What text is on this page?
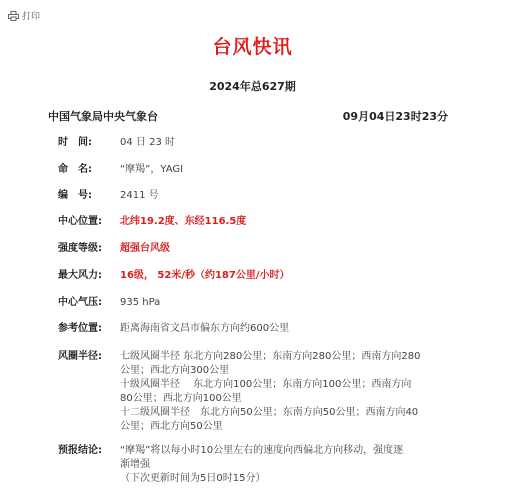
打印
台风快讯
2024年总627期
中国气象局中央气象台	09月04日23时23分
时　间:	04 日 23 时
命　名:	“摩羯”，YAGI
编　号:	2411 号
中心位置:	北纬19.2度、东经116.5度
强度等级:	超强台风级
最大风力:	16级， 52米/秒（约187公里/小时）
中心气压:	935 hPa
参考位置:	距离海南省文昌市偏东方向约600公里
风圈半径:	七级风圈半径 东北方向280公里；东南方向280公里；西南方向280
公里；西北方向300公里
十级风圈半径 　东北方向100公里；东南方向100公里；西南方向
80公里；西北方向100公里
十二级风圈半径　东北方向50公里；东南方向50公里；西南方向40
公里；西北方向50公里
预报结论:	“摩羯”将以每小时10公里左右的速度向西偏北方向移动，强度逐
渐增强
（下次更新时间为5日0时15分）
